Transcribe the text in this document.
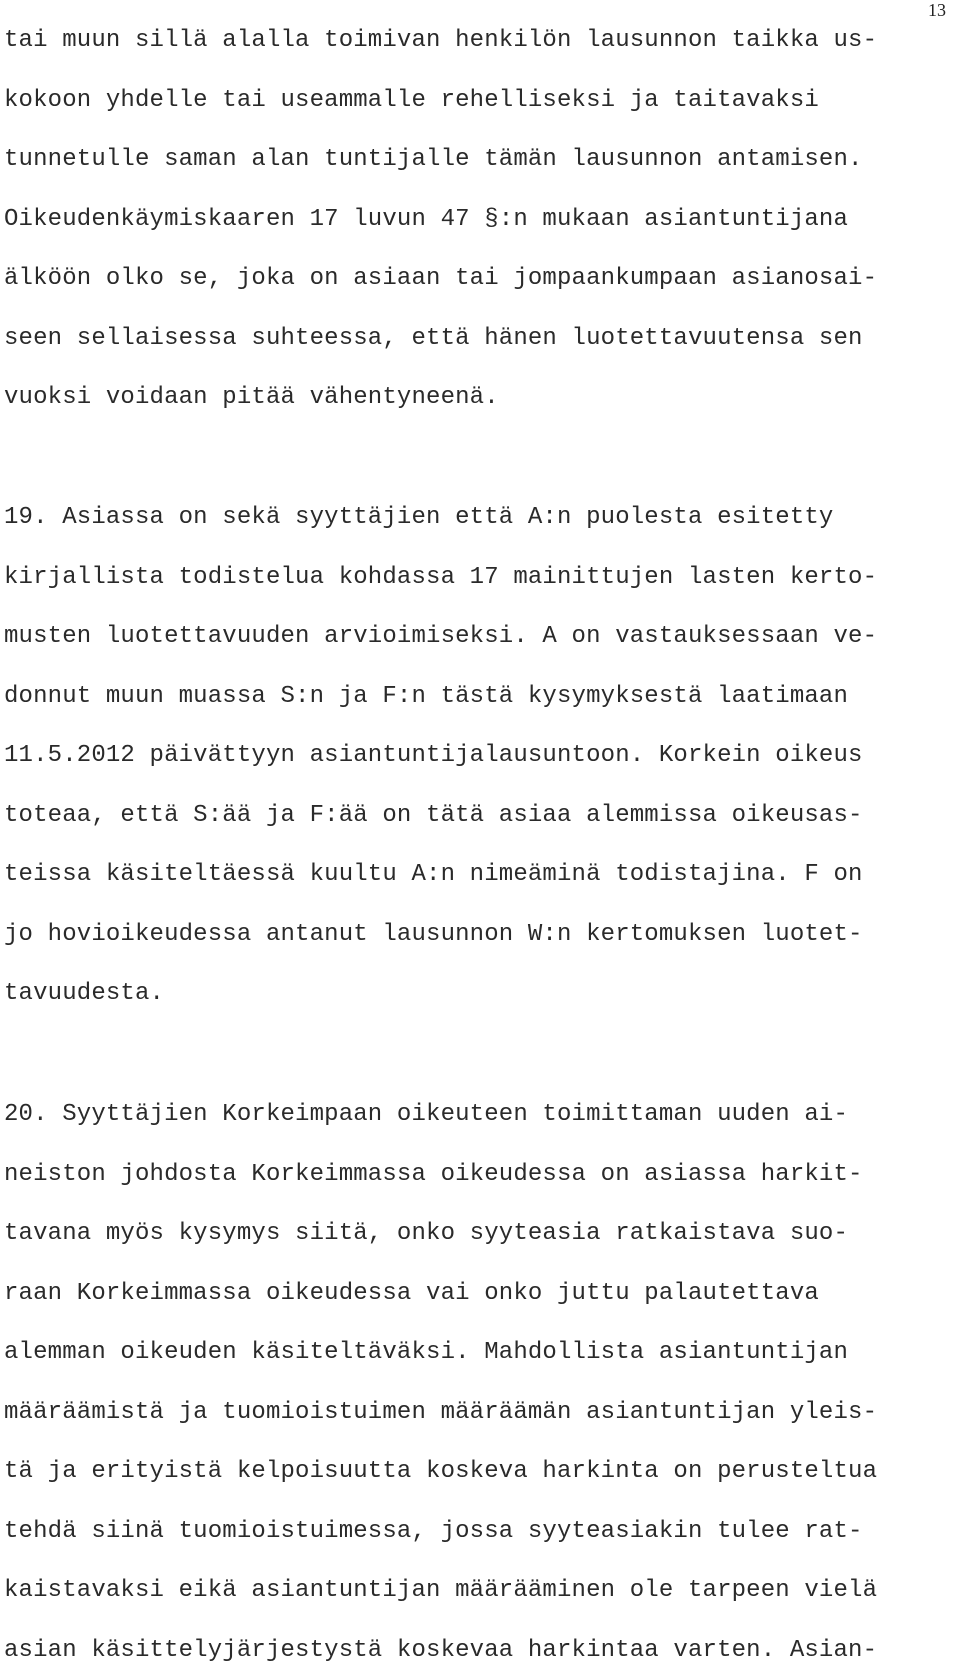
13
tai muun sillä alalla toimivan henkilön lausunnon taikka us-
kokoon yhdelle tai useammalle rehelliseksi ja taitavaksi
tunnetulle saman alan tuntijalle tämän lausunnon antamisen.
Oikeudenkäymiskaaren 17 luvun 47 §:n mukaan asiantuntijana
älköön olko se, joka on asiaan tai jompaankumpaan asianosai-
seen sellaisessa suhteessa, että hänen luotettavuutensa sen
vuoksi voidaan pitää vähentyneenä.
19. Asiassa on sekä syyttäjien että A:n puolesta esitetty
kirjallista todistelua kohdassa 17 mainittujen lasten kerto-
musten luotettavuuden arvioimiseksi. A on vastauksessaan ve-
donnut muun muassa S:n ja F:n tästä kysymyksestä laatimaan
11.5.2012 päivättyyn asiantuntijalausuntoon. Korkein oikeus
toteaa, että S:ää ja F:ää on tätä asiaa alemmissa oikeusas-
teissa käsiteltäessä kuultu A:n nimeäminä todistajina. F on
jo hovioikeudessa antanut lausunnon W:n kertomuksen luotet-
tavuudesta.
20. Syyttäjien Korkeimpaan oikeuteen toimittaman uuden ai-
neiston johdosta Korkeimmassa oikeudessa on asiassa harkit-
tavana myös kysymys siitä, onko syyteasia ratkaistava suo-
raan Korkeimmassa oikeudessa vai onko juttu palautettava
alemman oikeuden käsiteltäväksi. Mahdollista asiantuntijan
määräämistä ja tuomioistuimen määräämän asiantuntijan yleis-
tä ja erityistä kelpoisuutta koskeva harkinta on perusteltua
tehdä siinä tuomioistuimessa, jossa syyteasiakin tulee rat-
kaistavaksi eikä asiantuntijan määrääminen ole tarpeen vielä
asian käsittelyjärjestystä koskevaa harkintaa varten. Asian-
